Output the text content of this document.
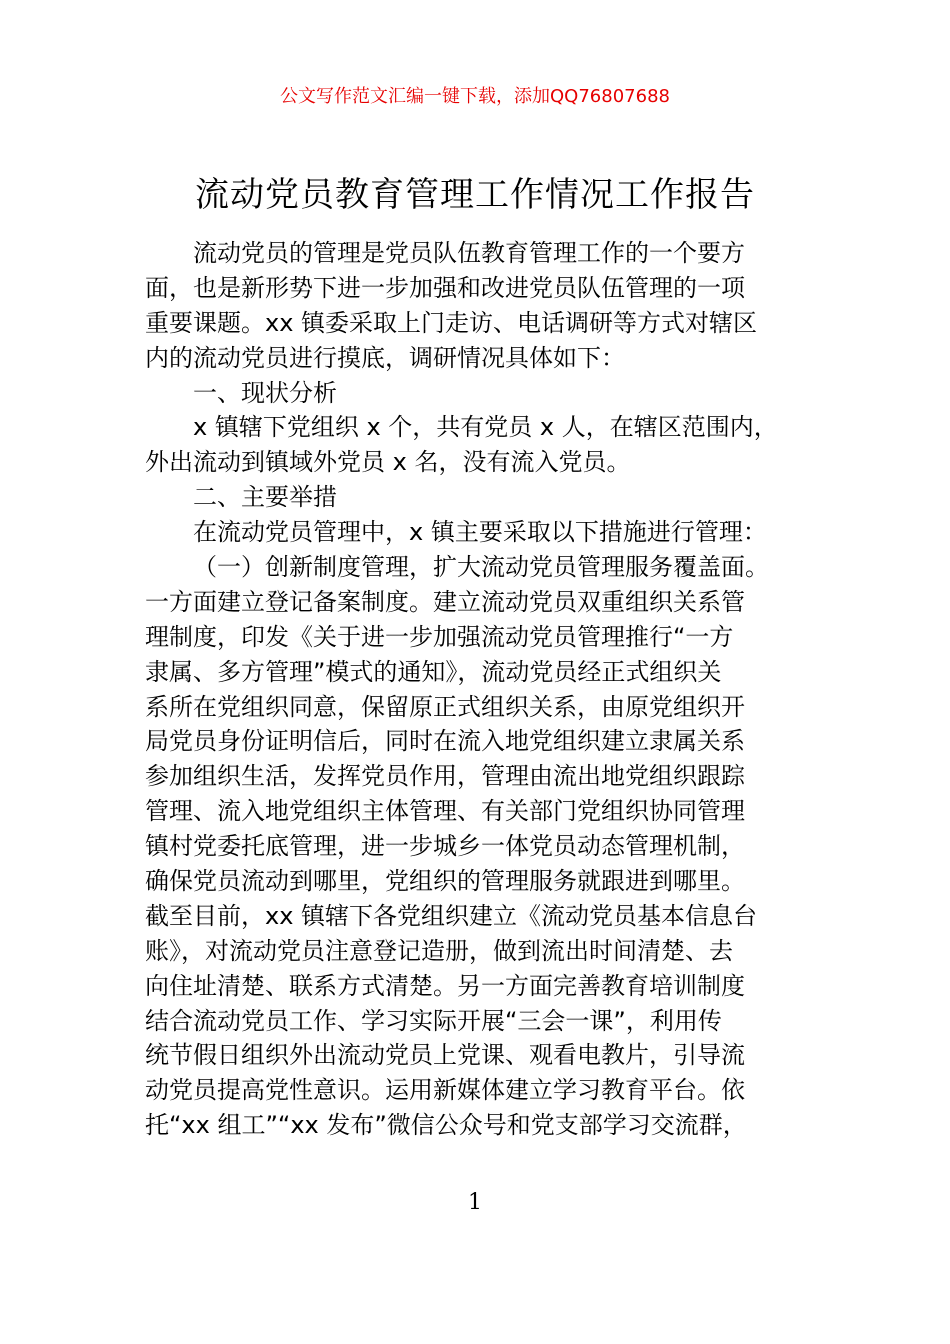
公文写作范文汇编一键下载，添加QQ76807688
流动党员教育管理工作情况工作报告
流动党员的管理是党员队伍教育管理工作的一个要方
面，也是新形势下进一步加强和改进党员队伍管理的一项
重要课题。xx 镇委采取上门走访、电话调研等方式对辖区
内的流动党员进行摸底，调研情况具体如下：
一、现状分析
x 镇辖下党组织 x 个，共有党员 x 人，在辖区范围内，
外出流动到镇域外党员 x 名，没有流入党员。
二、主要举措
在流动党员管理中，x 镇主要采取以下措施进行管理：
（一）创新制度管理，扩大流动党员管理服务覆盖面。
一方面建立登记备案制度。建立流动党员双重组织关系管
理制度，印发《关于进一步加强流动党员管理推行“一方
隶属、多方管理”模式的通知》，流动党员经正式组织关
系所在党组织同意，保留原正式组织关系，由原党组织开
局党员身份证明信后，同时在流入地党组织建立隶属关系
参加组织生活，发挥党员作用，管理由流出地党组织跟踪
管理、流入地党组织主体管理、有关部门党组织协同管理
镇村党委托底管理，进一步城乡一体党员动态管理机制，
确保党员流动到哪里，党组织的管理服务就跟进到哪里。
截至目前，xx 镇辖下各党组织建立《流动党员基本信息台
账》，对流动党员注意登记造册，做到流出时间清楚、去
向住址清楚、联系方式清楚。另一方面完善教育培训制度
结合流动党员工作、学习实际开展“三会一课”，利用传
统节假日组织外出流动党员上党课、观看电教片，引导流
动党员提高党性意识。运用新媒体建立学习教育平台。依
托“xx 组工”“xx 发布”微信公众号和党支部学习交流群，
1
